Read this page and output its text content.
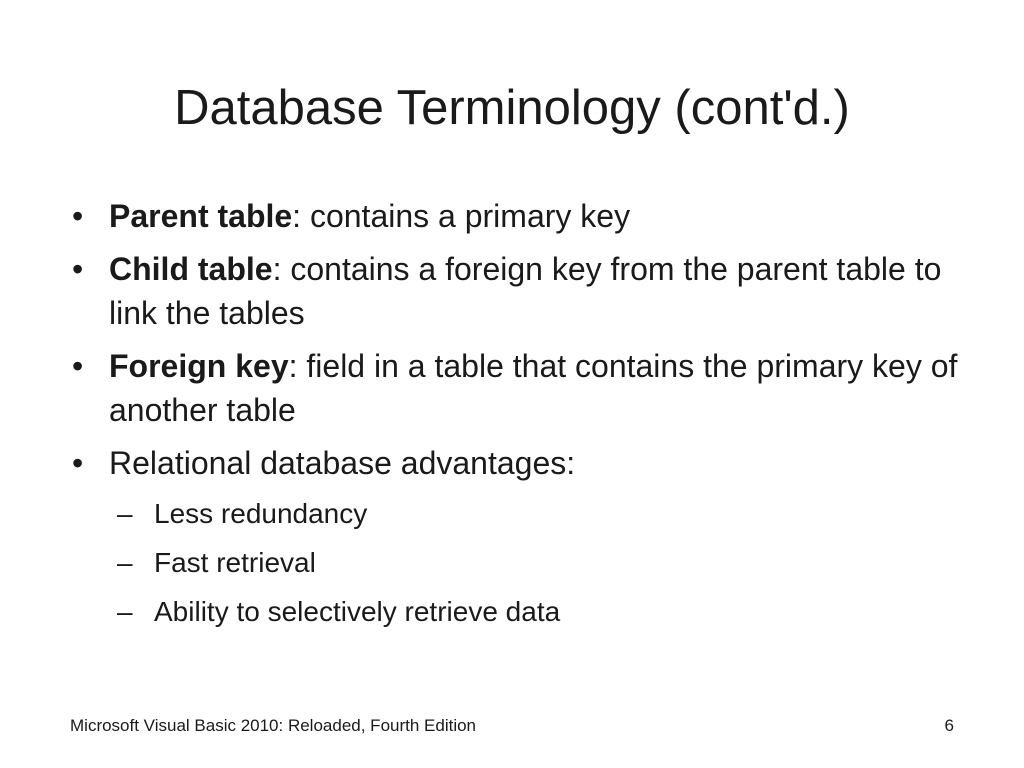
Database Terminology (cont'd.)
• Parent table: contains a primary key
• Child table: contains a foreign key from the parent table to link the tables
• Foreign key: field in a table that contains the primary key of another table
• Relational database advantages:
– Less redundancy
– Fast retrieval
– Ability to selectively retrieve data
Microsoft Visual Basic 2010: Reloaded, Fourth Edition	6
